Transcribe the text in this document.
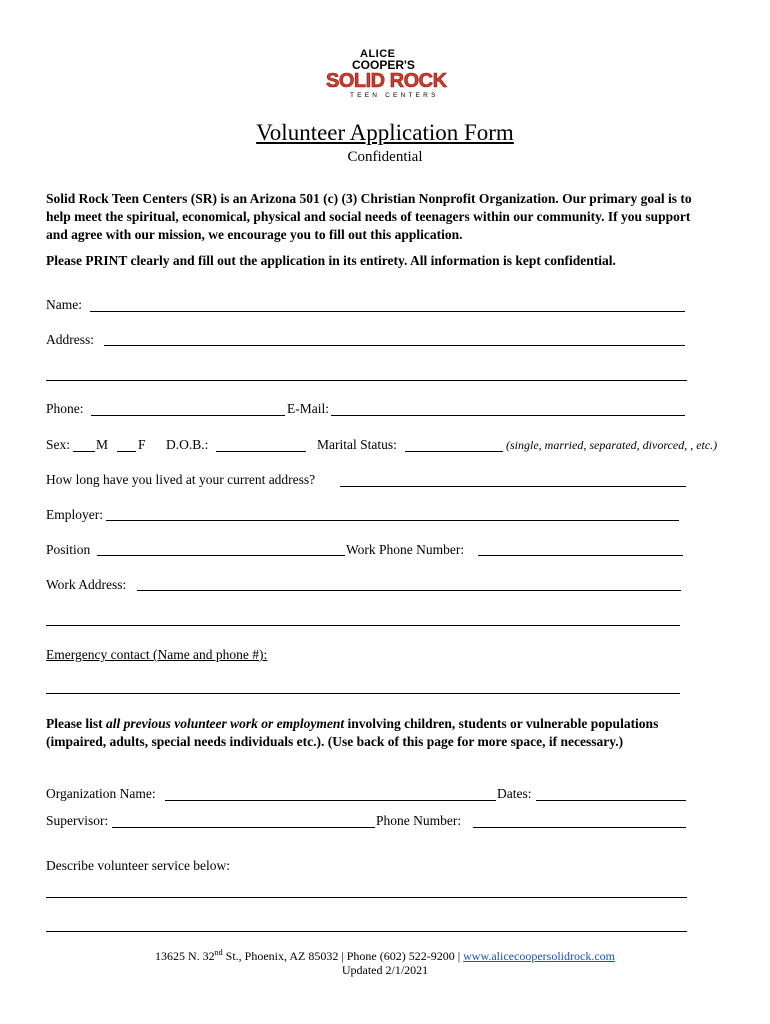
ALICE
COOPER'S
SOLID ROCK
TEEN CENTERS
Volunteer Application Form
Confidential
Solid Rock Teen Centers (SR) is an Arizona 501 (c) (3) Christian Nonprofit Organization. Our primary goal is to help meet the spiritual, economical, physical and social needs of teenagers within our community. If you support and agree with our mission, we encourage you to fill out this application.
Please PRINT clearly and fill out the application in its entirety. All information is kept confidential.
Name:
Address:
Phone:	E-Mail:
Sex: M F D.O.B.:	Marital Status:	(single, married, separated, divorced, , etc.)
How long have you lived at your current address?
Employer:
Position	Work Phone Number:
Work Address:
Emergency contact (Name and phone #):
Please list all previous volunteer work or employment involving children, students or vulnerable populations (impaired, adults, special needs individuals etc.). (Use back of this page for more space, if necessary.)
Organization Name:	Dates:
Supervisor:	Phone Number:
Describe volunteer service below:
13625 N. 32nd St., Phoenix, AZ 85032 | Phone (602) 522-9200 | www.alicecoopersolidrock.com
Updated 2/1/2021
